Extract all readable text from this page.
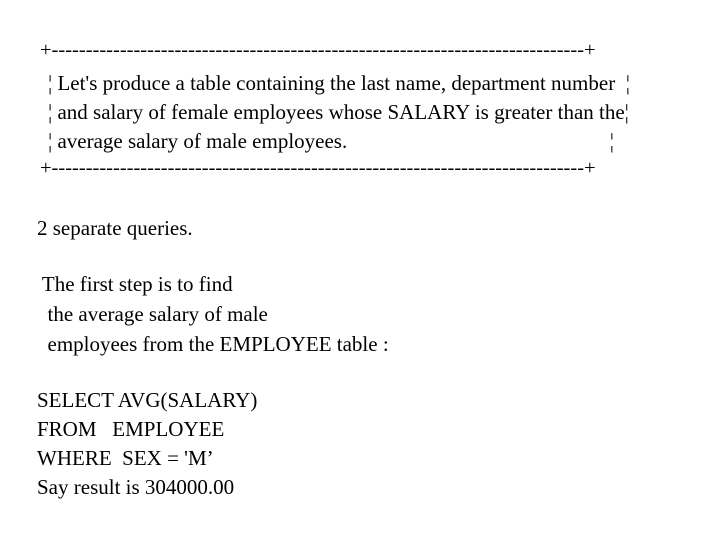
+------------------------------------------------------------------------------+
¦ Let's produce a table containing the last name, department number  ¦
¦ and salary of female employees whose SALARY is greater than the¦
¦ average salary of male employees.                                                  ¦
+------------------------------------------------------------------------------+
2 separate queries.
The first step is to find
the average salary of male
employees from the EMPLOYEE table :
SELECT AVG(SALARY)
FROM   EMPLOYEE
WHERE  SEX = 'M’
Say result is 304000.00
